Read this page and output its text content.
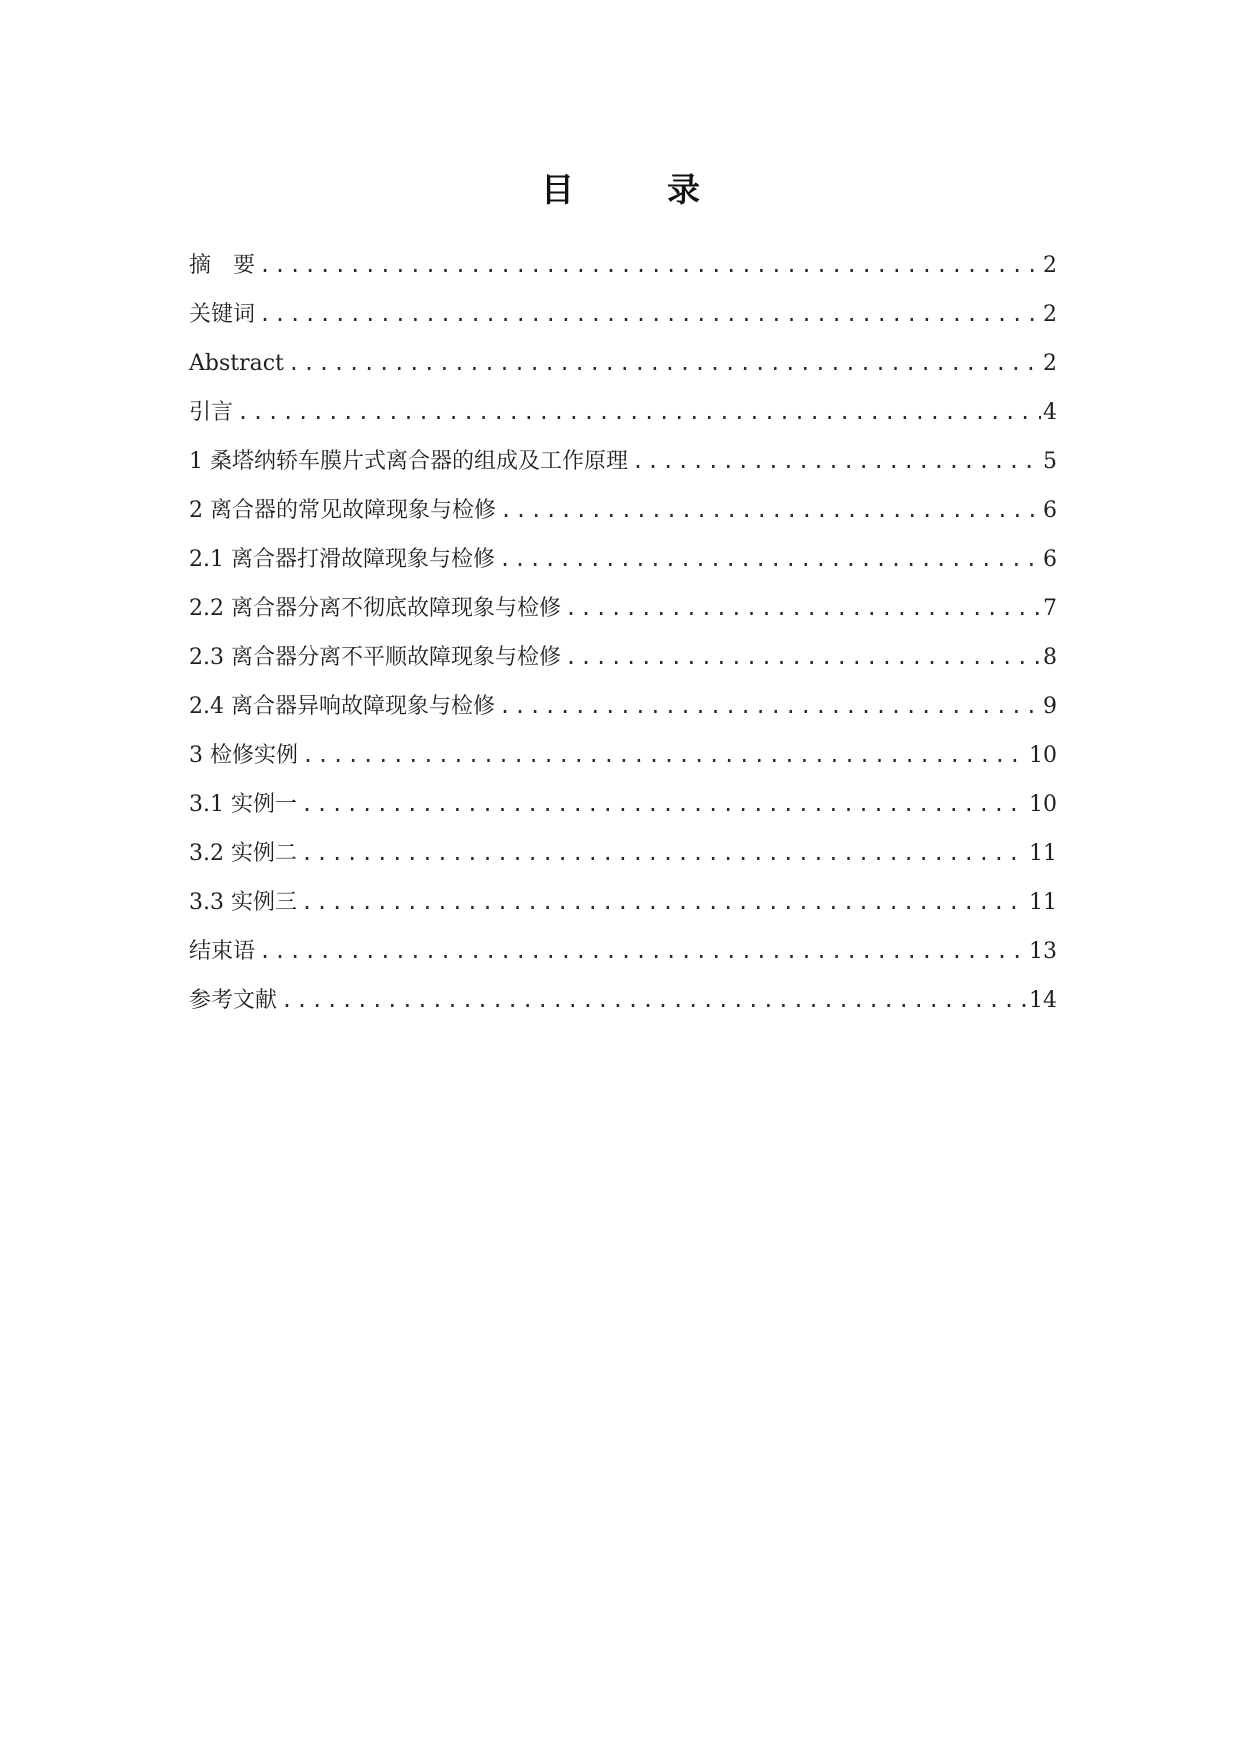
目　录
摘　要 .....	2
关键词 .....	2
Abstract .....	2
引言 .....	4
1 桑塔纳轿车膜片式离合器的组成及工作原理 .....	5
2 离合器的常见故障现象与检修 .....	6
2.1 离合器打滑故障现象与检修 .....	6
2.2 离合器分离不彻底故障现象与检修 .....	7
2.3 离合器分离不平顺故障现象与检修 .....	8
2.4 离合器异响故障现象与检修 .....	9
3 检修实例 .....	10
3.1 实例一 .....	10
3.2 实例二 .....	11
3.3 实例三 .....	11
结束语 .....	13
参考文献 .....	14
